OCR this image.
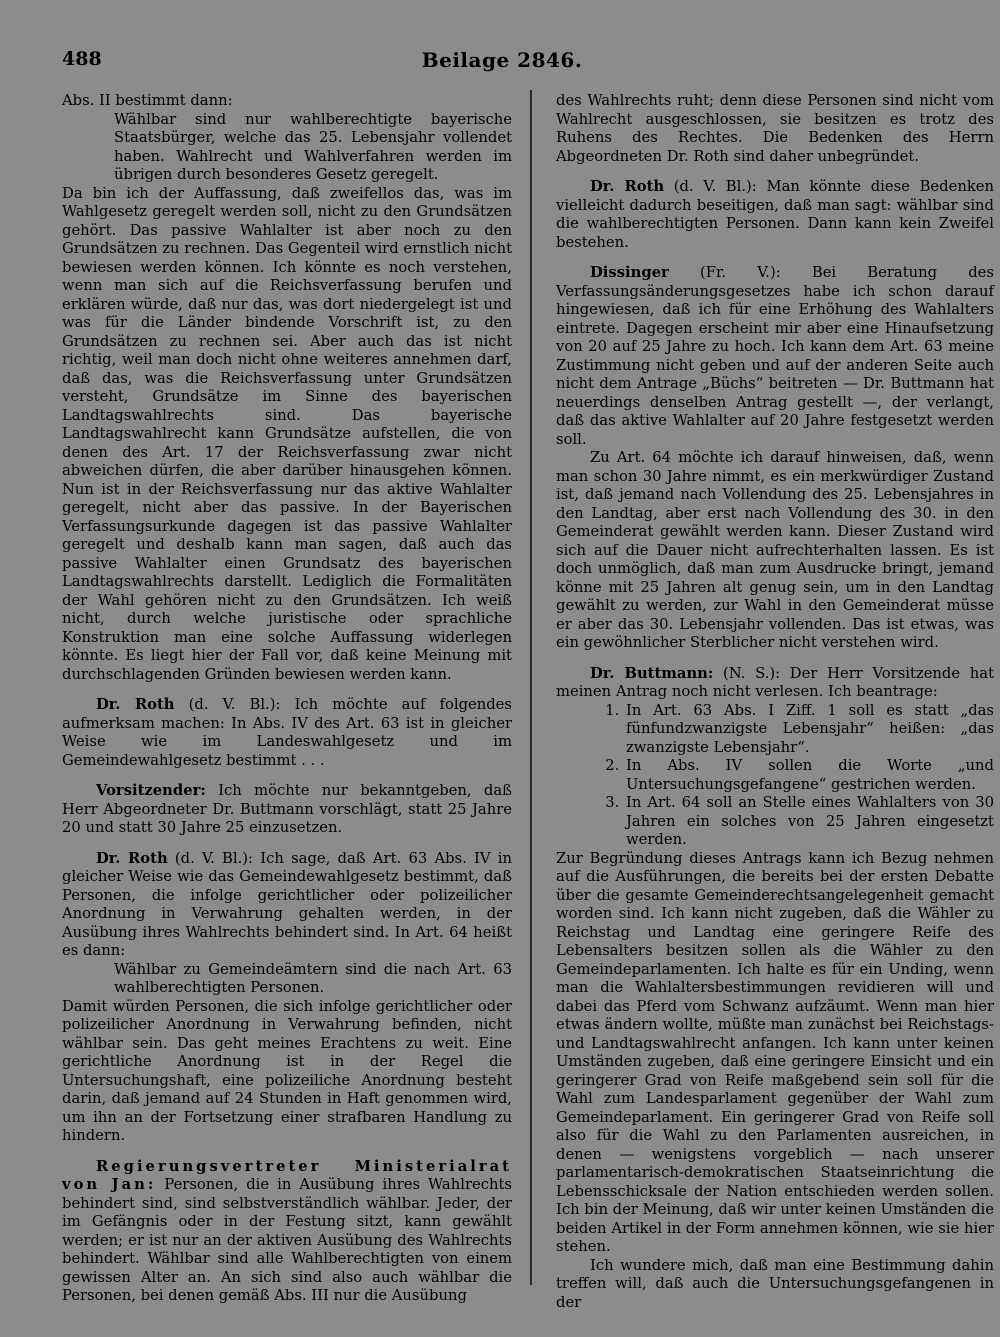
488	Beilage 2846.

Abs. II bestimmt dann:

Wählbar sind nur wahlberechtigte bayerische Staatsbürger, welche das 25. Lebensjahr vollendet haben. Wahlrecht und Wahlverfahren werden im übrigen durch besonderes Gesetz geregelt.

Da bin ich der Auffassung, daß zweifellos das, was im Wahlgesetz geregelt werden soll, nicht zu den Grundsätzen gehört. Das passive Wahlalter ist aber noch zu den Grundsätzen zu rechnen. Das Gegenteil wird ernstlich nicht bewiesen werden können. Ich könnte es noch verstehen, wenn man sich auf die Reichsverfassung berufen und erklären würde, daß nur das, was dort niedergelegt ist und was für die Länder bindende Vorschrift ist, zu den Grundsätzen zu rechnen sei. Aber auch das ist nicht richtig, weil man doch nicht ohne weiteres annehmen darf, daß das, was die Reichsverfassung unter Grundsätzen versteht, Grundsätze im Sinne des bayerischen Landtagswahlrechts sind. Das bayerische Landtagswahlrecht kann Grundsätze aufstellen, die von denen des Art. 17 der Reichsverfassung zwar nicht abweichen dürfen, die aber darüber hinausgehen können. Nun ist in der Reichsverfassung nur das aktive Wahlalter geregelt, nicht aber das passive. In der Bayerischen Verfassungsurkunde dagegen ist das passive Wahlalter geregelt und deshalb kann man sagen, daß auch das passive Wahlalter einen Grundsatz des bayerischen Landtagswahlrechts darstellt. Lediglich die Formalitäten der Wahl gehören nicht zu den Grundsätzen. Ich weiß nicht, durch welche juristische oder sprachliche Konstruktion man eine solche Auffassung widerlegen könnte. Es liegt hier der Fall vor, daß keine Meinung mit durchschlagenden Gründen bewiesen werden kann.

Dr. Roth (d. V. Bl.): Ich möchte auf folgendes aufmerksam machen: In Abs. IV des Art. 63 ist in gleicher Weise wie im Landeswahlgesetz und im Gemeindewahlgesetz bestimmt . . .

Vorsitzender: Ich möchte nur bekanntgeben, daß Herr Abgeordneter Dr. Buttmann vorschlägt, statt 25 Jahre 20 und statt 30 Jahre 25 einzusetzen.

Dr. Roth (d. V. Bl.): Ich sage, daß Art. 63 Abs. IV in gleicher Weise wie das Gemeindewahlgesetz bestimmt, daß Personen, die infolge gerichtlicher oder polizeilicher Anordnung in Verwahrung gehalten werden, in der Ausübung ihres Wahlrechts behindert sind. In Art. 64 heißt es dann:

Wählbar zu Gemeindeämtern sind die nach Art. 63 wahlberechtigten Personen.

Damit würden Personen, die sich infolge gerichtlicher oder polizeilicher Anordnung in Verwahrung befinden, nicht wählbar sein. Das geht meines Erachtens zu weit. Eine gerichtliche Anordnung ist in der Regel die Untersuchungshaft, eine polizeiliche Anordnung besteht darin, daß jemand auf 24 Stunden in Haft genommen wird, um ihn an der Fortsetzung einer strafbaren Handlung zu hindern.

Regierungsvertreter Ministerialrat von Jan: Personen, die in Ausübung ihres Wahlrechts behindert sind, sind selbstverständlich wählbar. Jeder, der im Gefängnis oder in der Festung sitzt, kann gewählt werden; er ist nur an der aktiven Ausübung des Wahlrechts behindert. Wählbar sind alle Wahlberechtigten von einem gewissen Alter an. An sich sind also auch wählbar die Personen, bei denen gemäß Abs. III nur die Ausübung

des Wahlrechts ruht; denn diese Personen sind nicht vom Wahlrecht ausgeschlossen, sie besitzen es trotz des Ruhens des Rechtes. Die Bedenken des Herrn Abgeordneten Dr. Roth sind daher unbegründet.

Dr. Roth (d. V. Bl.): Man könnte diese Bedenken vielleicht dadurch beseitigen, daß man sagt: wählbar sind die wahlberechtigten Personen. Dann kann kein Zweifel bestehen.

Dissinger (Fr. V.): Bei Beratung des Verfassungsänderungsgesetzes habe ich schon darauf hingewiesen, daß ich für eine Erhöhung des Wahlalters eintrete. Dagegen erscheint mir aber eine Hinaufsetzung von 20 auf 25 Jahre zu hoch. Ich kann dem Art. 63 meine Zustimmung nicht geben und auf der anderen Seite auch nicht dem Antrage „Büchs“ beitreten — Dr. Buttmann hat neuerdings denselben Antrag gestellt —, der verlangt, daß das aktive Wahlalter auf 20 Jahre festgesetzt werden soll.

Zu Art. 64 möchte ich darauf hinweisen, daß, wenn man schon 30 Jahre nimmt, es ein merkwürdiger Zustand ist, daß jemand nach Vollendung des 25. Lebensjahres in den Landtag, aber erst nach Vollendung des 30. in den Gemeinderat gewählt werden kann. Dieser Zustand wird sich auf die Dauer nicht aufrechterhalten lassen. Es ist doch unmöglich, daß man zum Ausdrucke bringt, jemand könne mit 25 Jahren alt genug sein, um in den Landtag gewählt zu werden, zur Wahl in den Gemeinderat müsse er aber das 30. Lebensjahr vollenden. Das ist etwas, was ein gewöhnlicher Sterblicher nicht verstehen wird.

Dr. Buttmann: (N. S.): Der Herr Vorsitzende hat meinen Antrag noch nicht verlesen. Ich beantrage:

1. In Art. 63 Abs. I Ziff. 1 soll es statt „das fünfundzwanzigste Lebensjahr“ heißen: „das zwanzigste Lebensjahr“.
2. In Abs. IV sollen die Worte „und Untersuchungsgefangene“ gestrichen werden.
3. In Art. 64 soll an Stelle eines Wahlalters von 30 Jahren ein solches von 25 Jahren eingesetzt werden.

Zur Begründung dieses Antrags kann ich Bezug nehmen auf die Ausführungen, die bereits bei der ersten Debatte über die gesamte Gemeinderechtsangelegenheit gemacht worden sind. Ich kann nicht zugeben, daß die Wähler zu Reichstag und Landtag eine geringere Reife des Lebensalters besitzen sollen als die Wähler zu den Gemeindeparlamenten. Ich halte es für ein Unding, wenn man die Wahlaltersbestimmungen revidieren will und dabei das Pferd vom Schwanz aufzäumt. Wenn man hier etwas ändern wollte, müßte man zunächst bei Reichstags- und Landtagswahlrecht anfangen. Ich kann unter keinen Umständen zugeben, daß eine geringere Einsicht und ein geringerer Grad von Reife maßgebend sein soll für die Wahl zum Landesparlament gegenüber der Wahl zum Gemeindeparlament. Ein geringerer Grad von Reife soll also für die Wahl zu den Parlamenten ausreichen, in denen — wenigstens vorgeblich — nach unserer parlamentarisch-demokratischen Staatseinrichtung die Lebensschicksale der Nation entschieden werden sollen. Ich bin der Meinung, daß wir unter keinen Umständen die beiden Artikel in der Form annehmen können, wie sie hier stehen.

Ich wundere mich, daß man eine Bestimmung dahin treffen will, daß auch die Untersuchungsgefangenen in der
